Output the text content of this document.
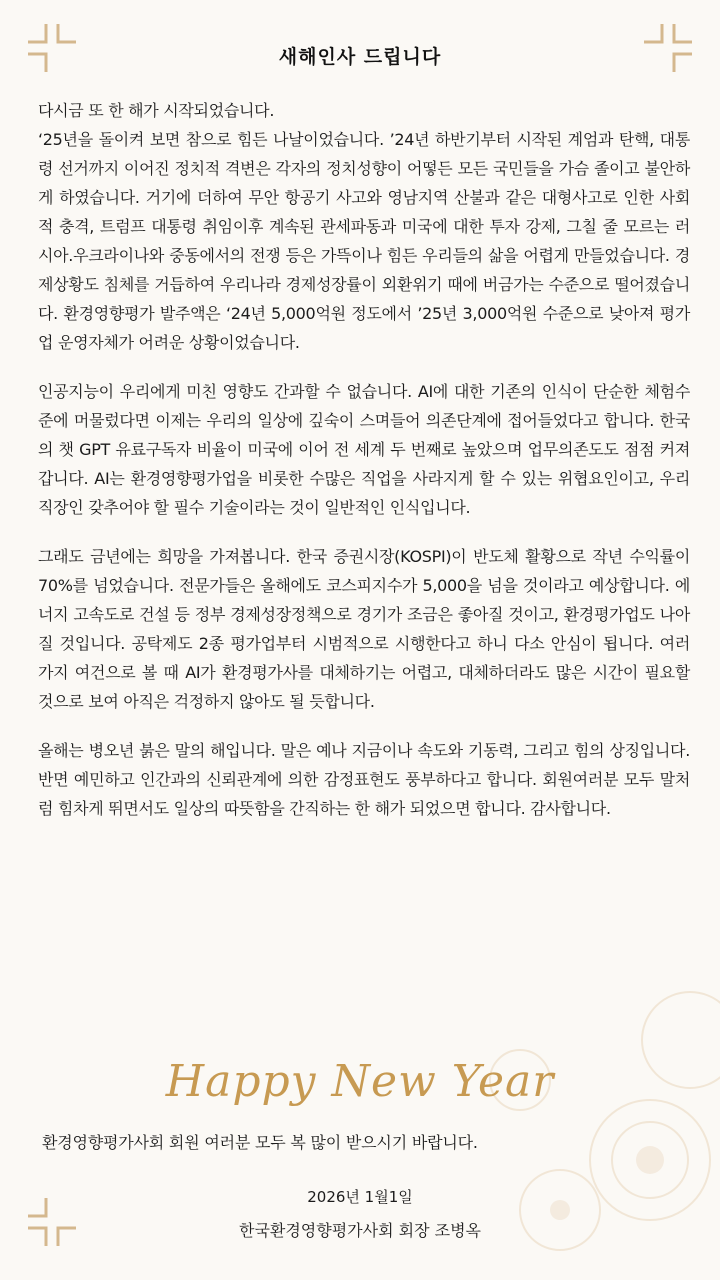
새해인사 드립니다

다시금 또 한 해가 시작되었습니다.

‘25년을 돌이켜 보면 참으로 힘든 나날이었습니다. ’24년 하반기부터 시작된 계엄과 탄핵, 대통령 선거까지 이어진 정치적 격변은 각자의 정치성향이 어떻든 모든 국민들을 가슴 졸이고 불안하게 하였습니다. 거기에 더하여 무안 항공기 사고와 영남지역 산불과 같은 대형사고로 인한 사회적 충격, 트럼프 대통령 취임이후 계속된 관세파동과 미국에 대한 투자 강제, 그칠 줄 모르는 러시아.우크라이나와 중동에서의 전쟁 등은 가뜩이나 힘든 우리들의 삶을 어렵게 만들었습니다. 경제상황도 침체를 거듭하여 우리나라 경제성장률이 외환위기 때에 버금가는 수준으로 떨어졌습니다. 환경영향평가 발주액은 ‘24년 5,000억원 정도에서 ’25년 3,000억원 수준으로 낮아져 평가업 운영자체가 어려운 상황이었습니다.

인공지능이 우리에게 미친 영향도 간과할 수 없습니다. AI에 대한 기존의 인식이 단순한 체험수준에 머물렀다면 이제는 우리의 일상에 깊숙이 스며들어 의존단계에 접어들었다고 합니다. 한국의 챗 GPT 유료구독자 비율이 미국에 이어 전 세계 두 번째로 높았으며 업무의존도도 점점 커져갑니다. AI는 환경영향평가업을 비롯한 수많은 직업을 사라지게 할 수 있는 위협요인이고, 우리 직장인 갖추어야 할 필수 기술이라는 것이 일반적인 인식입니다.

그래도 금년에는 희망을 가져봅니다. 한국 증권시장(KOSPI)이 반도체 활황으로 작년 수익률이 70%를 넘었습니다. 전문가들은 올해에도 코스피지수가 5,000을 넘을 것이라고 예상합니다. 에너지 고속도로 건설 등 정부 경제성장정책으로 경기가 조금은 좋아질 것이고, 환경평가업도 나아질 것입니다. 공탁제도 2종 평가업부터 시범적으로 시행한다고 하니 다소 안심이 됩니다. 여러 가지 여건으로 볼 때 AI가 환경평가사를 대체하기는 어렵고, 대체하더라도 많은 시간이 필요할 것으로 보여 아직은 걱정하지 않아도 될 듯합니다.

올해는 병오년 붉은 말의 해입니다. 말은 예나 지금이나 속도와 기동력, 그리고 힘의 상징입니다. 반면 예민하고 인간과의 신뢰관계에 의한 감정표현도 풍부하다고 합니다. 회원여러분 모두 말처럼 힘차게 뛰면서도 일상의 따뜻함을 간직하는 한 해가 되었으면 합니다. 감사합니다.

Happy New Year
환경영향평가사회 회원 여러분 모두 복 많이 받으시기 바랍니다.
2026년 1월1일
한국환경영향평가사회 회장 조병옥
